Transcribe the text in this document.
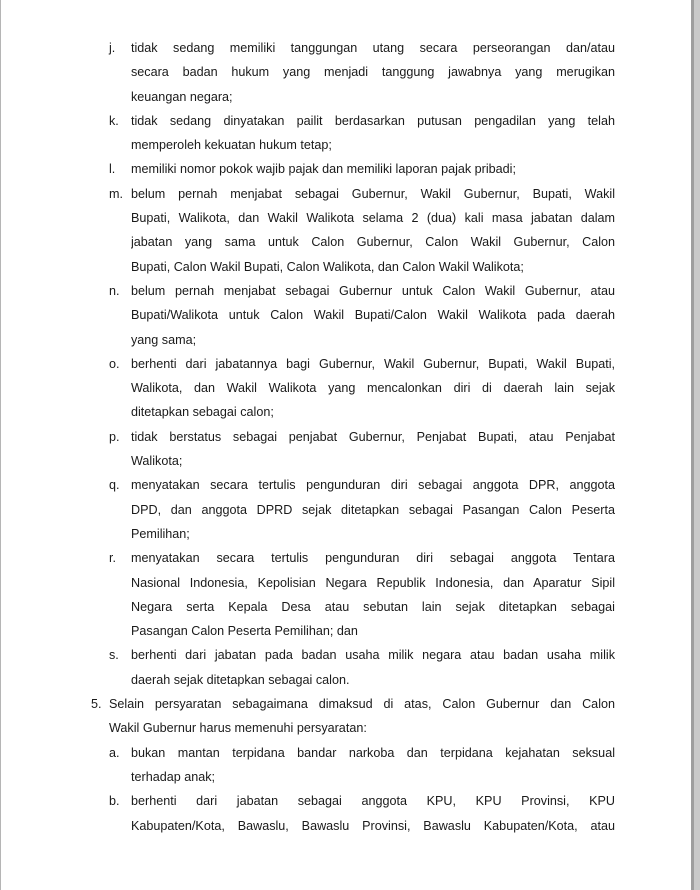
j.	tidak sedang memiliki tanggungan utang secara perseorangan dan/atau
secara badan hukum yang menjadi tanggung jawabnya yang merugikan
keuangan negara;
k. tidak sedang dinyatakan pailit berdasarkan putusan pengadilan yang telah
memperoleh kekuatan hukum tetap;
l.	memiliki nomor pokok wajib pajak dan memiliki laporan pajak pribadi;
m. belum pernah menjabat sebagai Gubernur, Wakil Gubernur, Bupati, Wakil
Bupati, Walikota, dan Wakil Walikota selama 2 (dua) kali masa jabatan dalam
jabatan yang sama untuk Calon Gubernur, Calon Wakil Gubernur, Calon
Bupati, Calon Wakil Bupati, Calon Walikota, dan Calon Wakil Walikota;
n. belum pernah menjabat sebagai Gubernur untuk Calon Wakil Gubernur, atau
Bupati/Walikota untuk Calon Wakil Bupati/Calon Wakil Walikota pada daerah
yang sama;
o. berhenti dari jabatannya bagi Gubernur, Wakil Gubernur, Bupati, Wakil Bupati,
Walikota, dan Wakil Walikota yang mencalonkan diri di daerah lain sejak
ditetapkan sebagai calon;
p. tidak berstatus sebagai penjabat Gubernur, Penjabat Bupati, atau Penjabat
Walikota;
q. menyatakan secara tertulis pengunduran diri sebagai anggota DPR, anggota
DPD, dan anggota DPRD sejak ditetapkan sebagai Pasangan Calon Peserta
Pemilihan;
r.	menyatakan secara tertulis pengunduran diri sebagai anggota Tentara
Nasional Indonesia, Kepolisian Negara Republik Indonesia, dan Aparatur Sipil
Negara serta Kepala Desa atau sebutan lain sejak ditetapkan sebagai
Pasangan Calon Peserta Pemilihan; dan
s. berhenti dari jabatan pada badan usaha milik negara atau badan usaha milik
daerah sejak ditetapkan sebagai calon.
5. Selain persyaratan sebagaimana dimaksud di atas, Calon Gubernur dan Calon
Wakil Gubernur harus memenuhi persyaratan:
a. bukan mantan terpidana bandar narkoba dan terpidana kejahatan seksual
terhadap anak;
b. berhenti dari jabatan sebagai anggota KPU, KPU Provinsi, KPU
Kabupaten/Kota, Bawaslu, Bawaslu Provinsi, Bawaslu Kabupaten/Kota, atau
